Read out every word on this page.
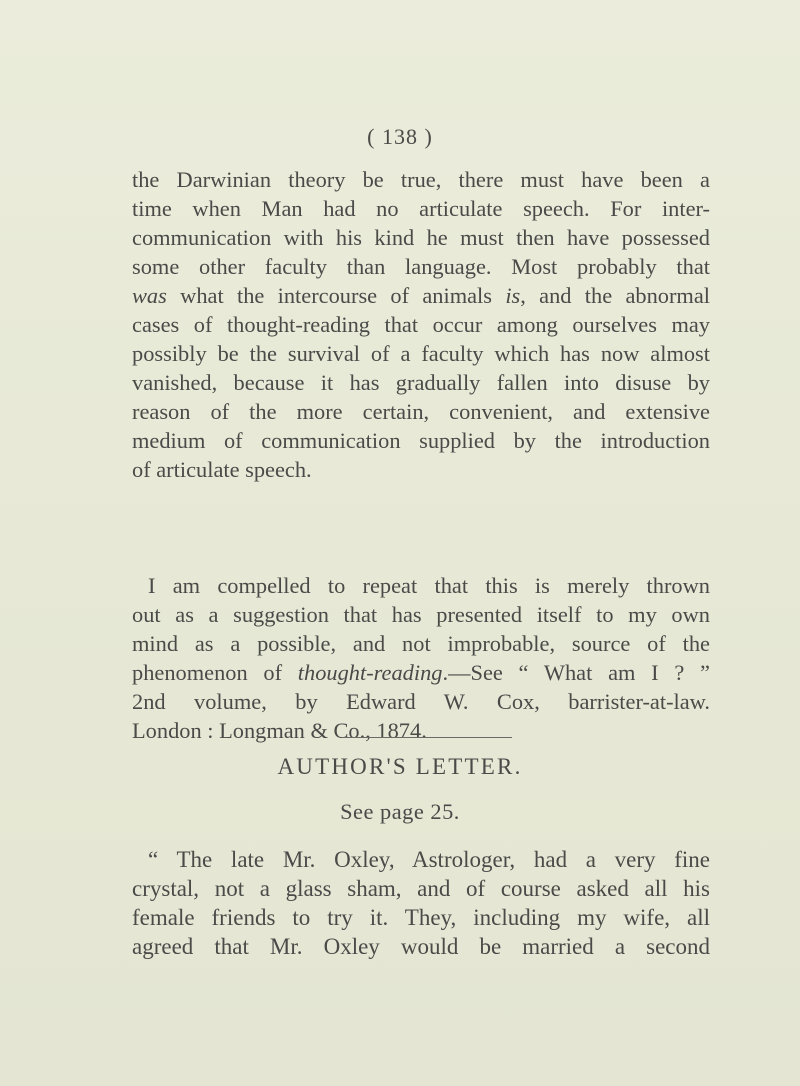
( 138 )
the Darwinian theory be true, there must have been a
time when Man had no articulate speech. For inter-
communication with his kind he must then have possessed
some other faculty than language. Most probably that
was what the intercourse of animals is, and the abnormal
cases of thought-reading that occur among ourselves may
possibly be the survival of a faculty which has now almost
vanished, because it has gradually fallen into disuse by
reason of the more certain, convenient, and extensive
medium of communication supplied by the introduction
of articulate speech.
I am compelled to repeat that this is merely thrown
out as a suggestion that has presented itself to my own
mind as a possible, and not improbable, source of the
phenomenon of thought-reading.—See “ What am I ? ”
2nd volume, by Edward W. Cox, barrister-at-law.
London : Longman & Co., 1874.
AUTHOR'S LETTER.
See page 25.
“ The late Mr. Oxley, Astrologer, had a very fine
crystal, not a glass sham, and of course asked all his
female friends to try it. They, including my wife, all
agreed that Mr. Oxley would be married a second
